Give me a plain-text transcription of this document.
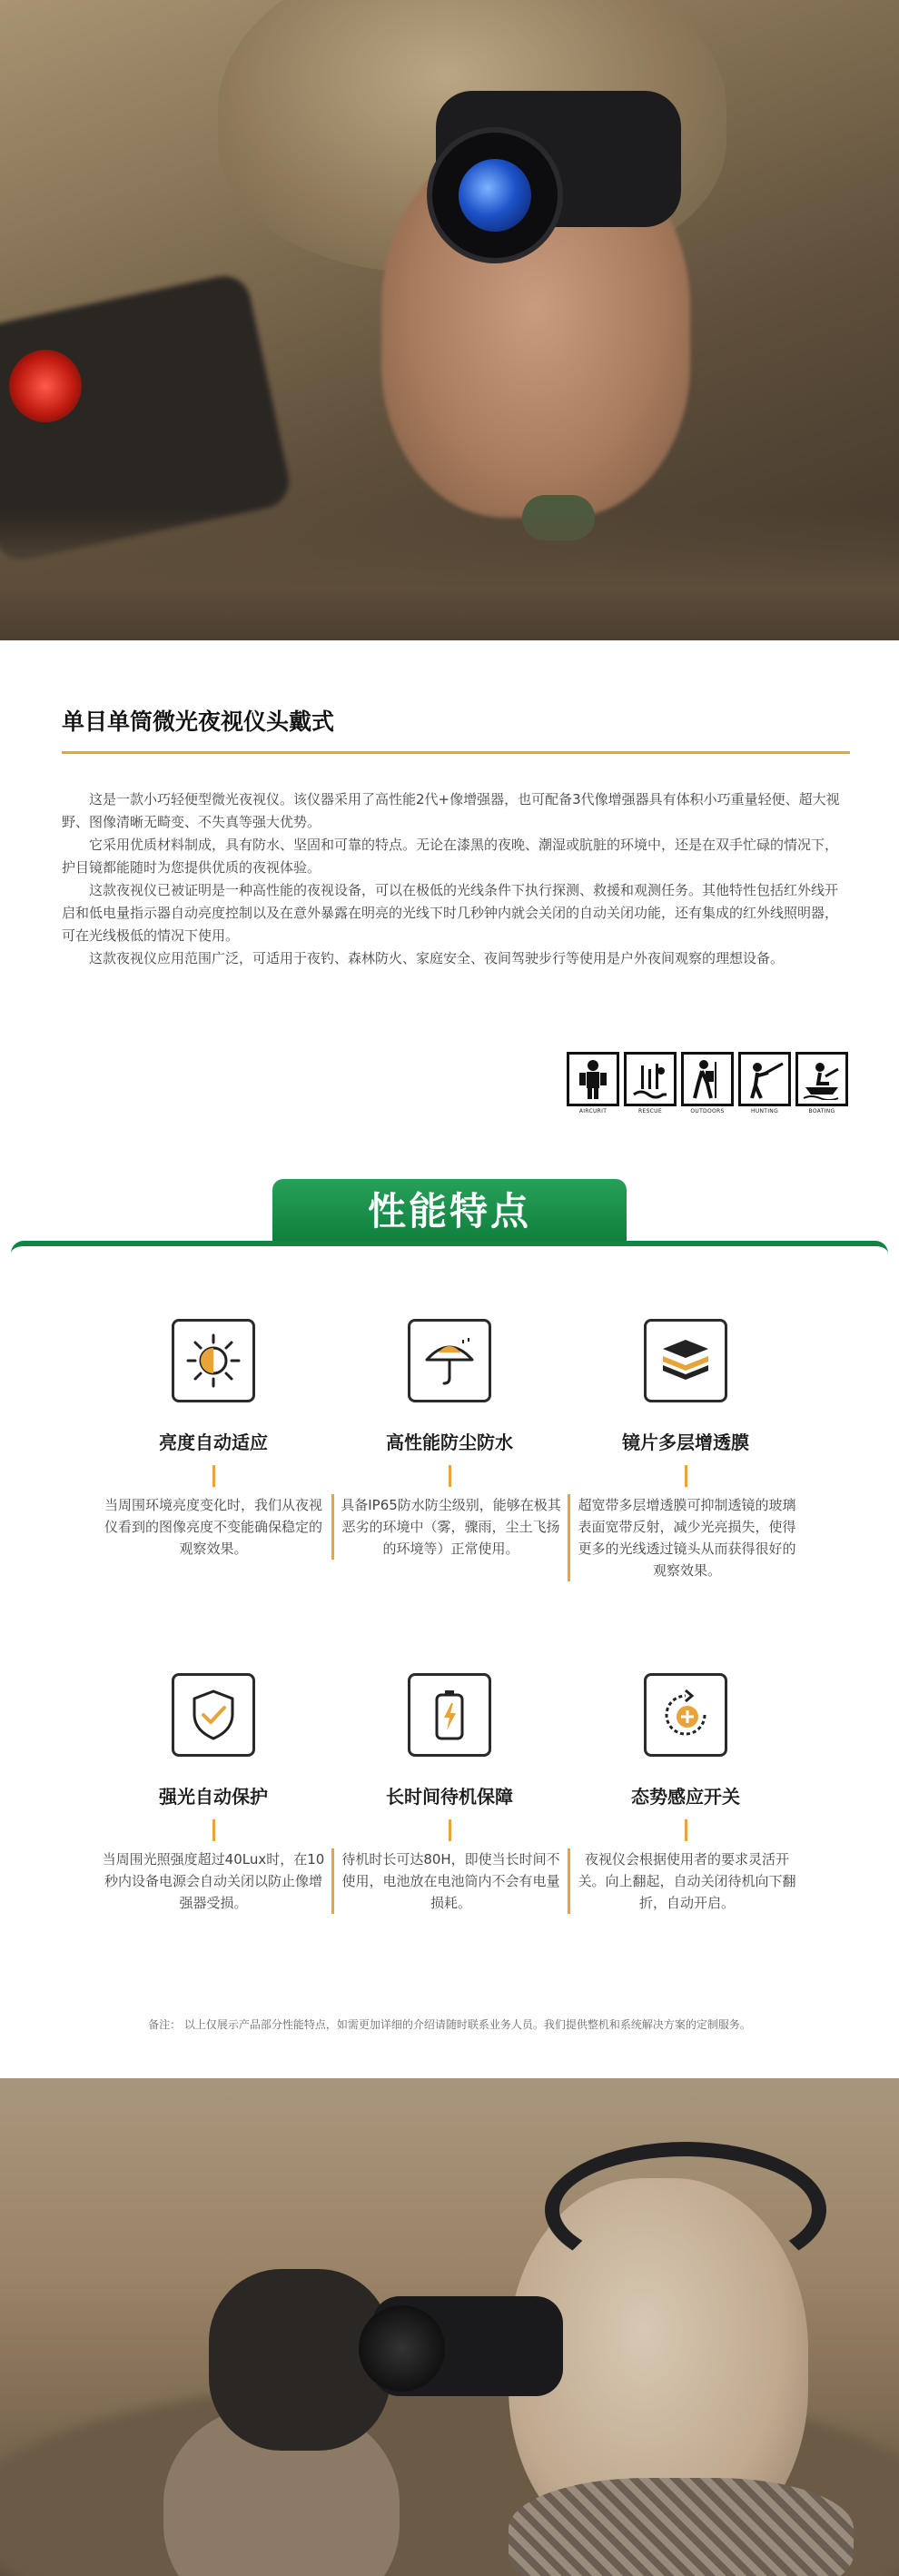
单目单筒微光夜视仪头戴式

这是一款小巧轻便型微光夜视仪。该仪器采用了高性能2代+像增强器，也可配备3代像增强器具有体积小巧重量轻便、超大视野、图像清晰无畸变、不失真等强大优势。

它采用优质材料制成，具有防水、坚固和可靠的特点。无论在漆黑的夜晚、潮湿或肮脏的环境中，还是在双手忙碌的情况下，护目镜都能随时为您提供优质的夜视体验。

这款夜视仪已被证明是一种高性能的夜视设备，可以在极低的光线条件下执行探测、救援和观测任务。其他特性包括红外线开启和低电量指示器自动亮度控制以及在意外暴露在明亮的光线下时几秒钟内就会关闭的自动关闭功能，还有集成的红外线照明器，可在光线极低的情况下使用。

这款夜视仪应用范围广泛，可适用于夜钓、森林防火、家庭安全、夜间驾驶步行等使用是户外夜间观察的理想设备。

AIRCURIT	RESCUE	OUTDOORS	HUNTING	BOATING
性能特点
亮度自动适应
当周围环境亮度变化时，我们从夜视仪看到的图像亮度不变能确保稳定的观察效果。
高性能防尘防水
具备IP65防水防尘级别，能够在极其恶劣的环境中（雾，骤雨，尘土飞扬的环境等）正常使用。
镜片多层增透膜
超宽带多层增透膜可抑制透镜的玻璃表面宽带反射，减少光亮损失，使得更多的光线透过镜头从而获得很好的观察效果。
强光自动保护
当周围光照强度超过40Lux时，在10秒内设备电源会自动关闭以防止像增强器受损。
长时间待机保障
待机时长可达80H，即使当长时间不使用，电池放在电池筒内不会有电量损耗。
态势感应开关
夜视仪会根据使用者的要求灵活开关。向上翻起，自动关闭待机向下翻折，自动开启。
备注： 以上仅展示产品部分性能特点，如需更加详细的介绍请随时联系业务人员。我们提供整机和系统解决方案的定制服务。
